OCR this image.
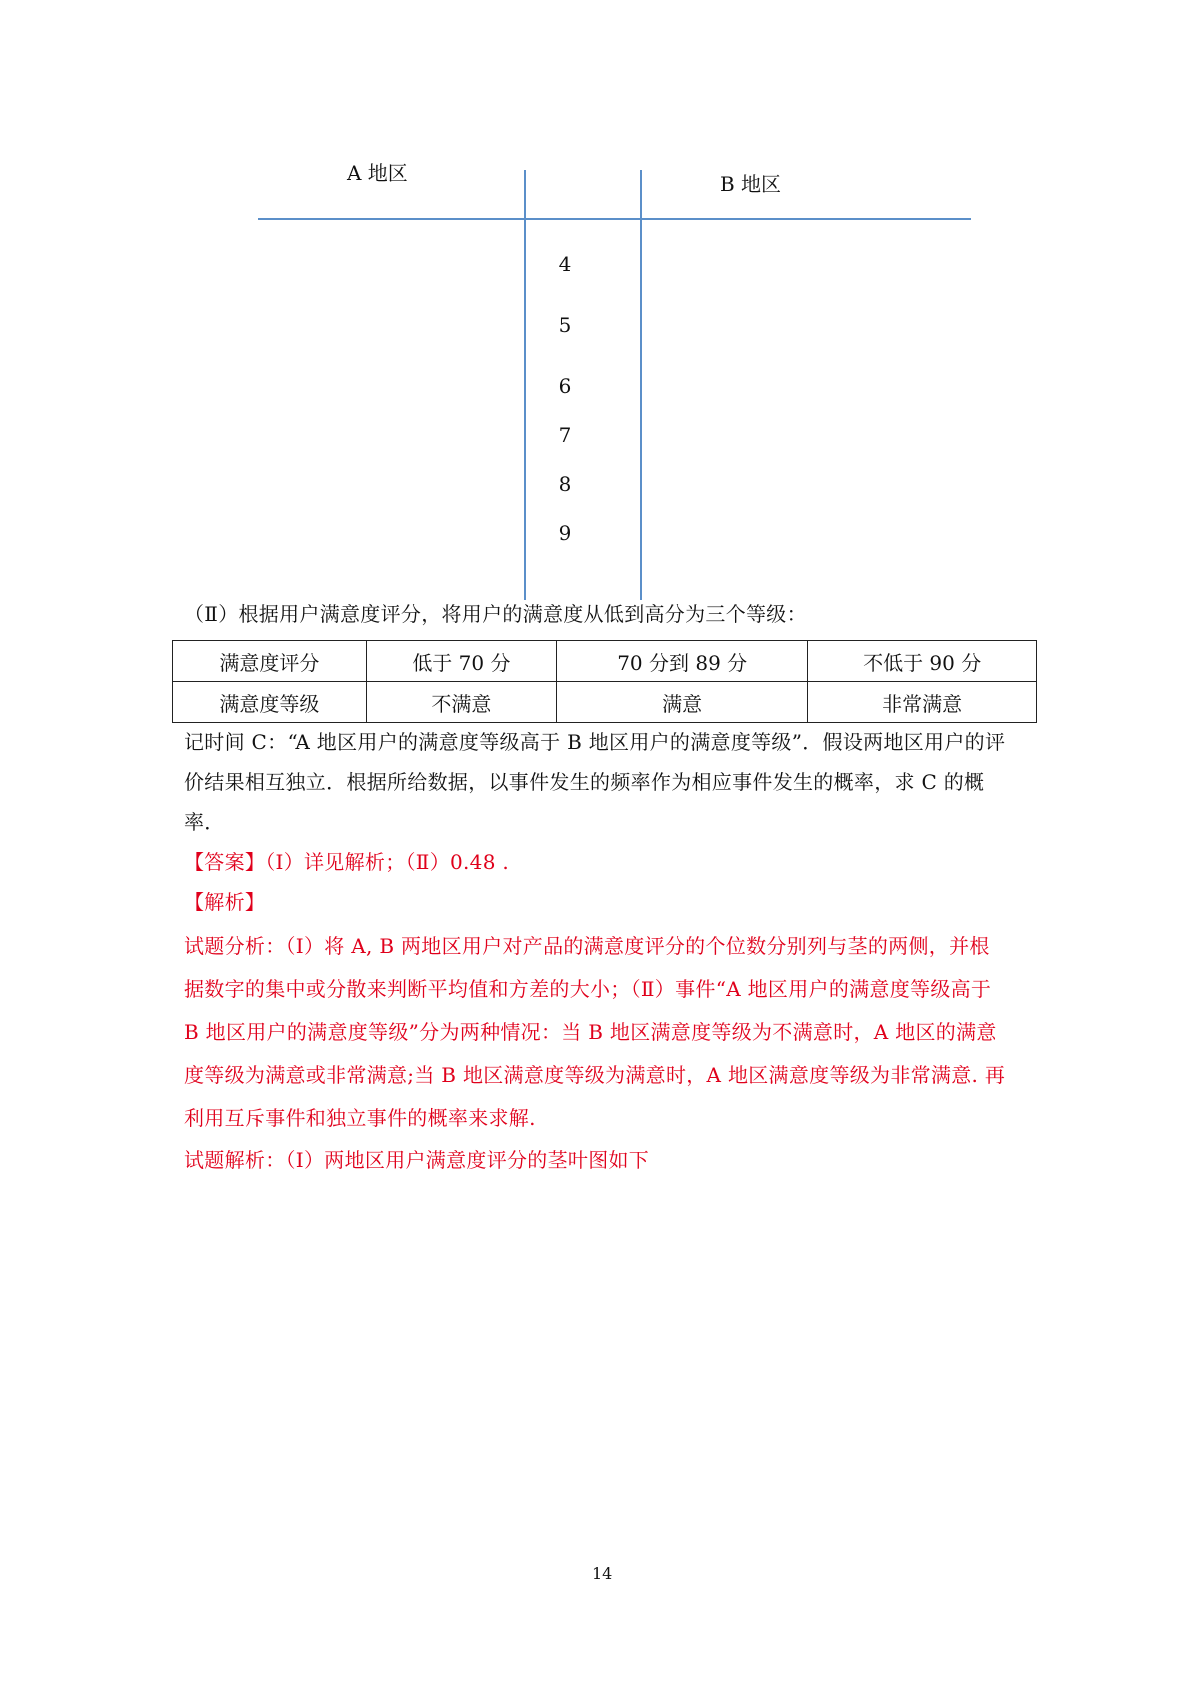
A 地区	B 地区
4
5
6
7
8
9
（Ⅱ）根据用户满意度评分，将用户的满意度从低到高分为三个等级：
满意度评分	低于 70 分	70 分到 89 分	不低于 90 分
满意度等级	不满意	满意	非常满意
记时间 C：“A 地区用户的满意度等级高于 B 地区用户的满意度等级”．假设两地区用户的评
价结果相互独立．根据所给数据，以事件发生的频率作为相应事件发生的概率，求 C 的概
率．
【答案】（Ⅰ）详见解析；（Ⅱ）0.48 .
【解析】
试题分析：（Ⅰ）将 A, B 两地区用户对产品的满意度评分的个位数分别列与茎的两侧，并根
据数字的集中或分散来判断平均值和方差的大小；（Ⅱ）事件“A 地区用户的满意度等级高于
B 地区用户的满意度等级”分为两种情况：当 B 地区满意度等级为不满意时，A 地区的满意
度等级为满意或非常满意;当 B 地区满意度等级为满意时，A 地区满意度等级为非常满意. 再
利用互斥事件和独立事件的概率来求解.
试题解析：（Ⅰ）两地区用户满意度评分的茎叶图如下
14
